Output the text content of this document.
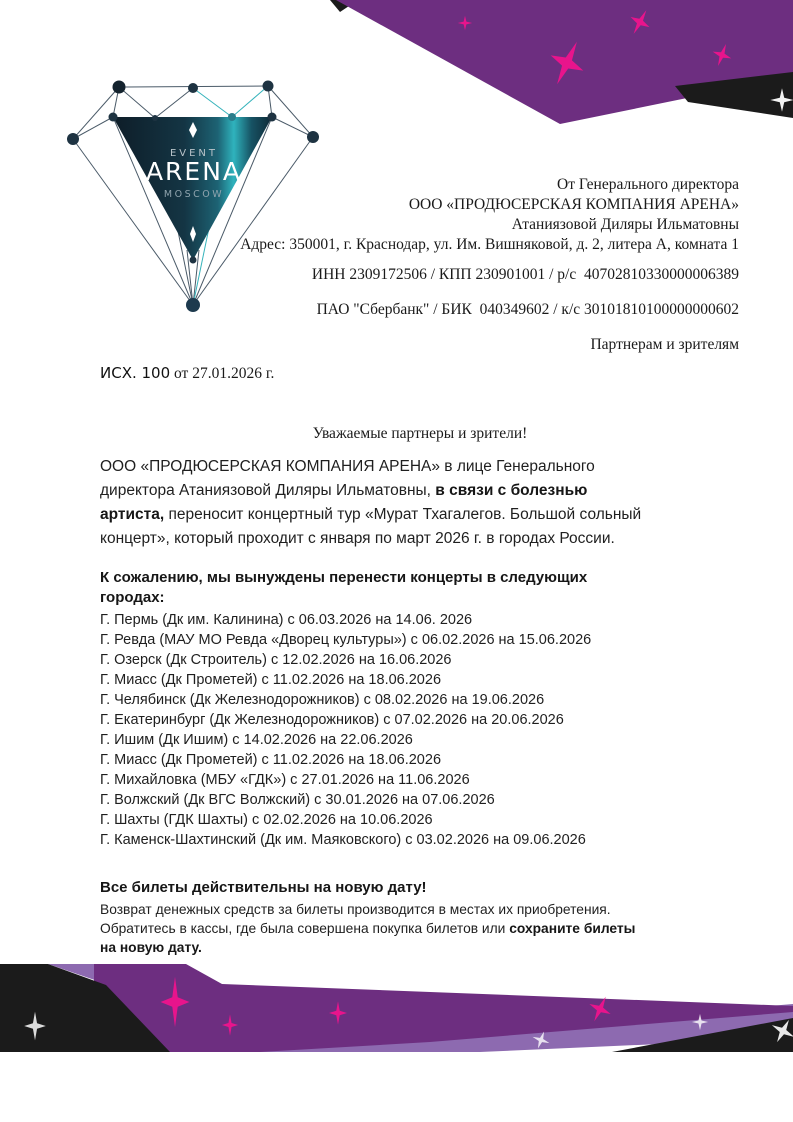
EVENT
ARENA
MOSCOW
От Генерального директора
ООО «ПРОДЮСЕРСКАЯ КОМПАНИЯ АРЕНА»
Атаниязовой Диляры Ильматовны
Адрес: 350001, г. Краснодар, ул. Им. Вишняковой, д. 2, литера А, комната 1
ИНН 2309172506 / КПП 230901001 / р/с  40702810330000006389
ПАО "Сбербанк" / БИК  040349602 / к/с 30101810100000000602
Партнерам и зрителям
ИСХ. 100 от 27.01.2026 г.
Уважаемые партнеры и зрители!
ООО «ПРОДЮСЕРСКАЯ КОМПАНИЯ АРЕНА» в лице Генерального
директора Атаниязовой Диляры Ильматовны, в связи с болезнью
артиста, переносит концертный тур «Мурат Тхагалегов. Большой сольный
концерт», который проходит с января по март 2026 г. в городах России.
К сожалению, мы вынуждены перенести концерты в следующих
городах:
Г. Пермь (Дк им. Калинина) с 06.03.2026 на 14.06. 2026
Г. Ревда (МАУ МО Ревда «Дворец культуры») с 06.02.2026 на 15.06.2026
Г. Озерск (Дк Строитель) с 12.02.2026 на 16.06.2026
Г. Миасс (Дк Прометей) с 11.02.2026 на 18.06.2026
Г. Челябинск (Дк Железнодорожников) с 08.02.2026 на 19.06.2026
Г. Екатеринбург (Дк Железнодорожников) с 07.02.2026 на 20.06.2026
Г. Ишим (Дк Ишим) с 14.02.2026 на 22.06.2026
Г. Миасс (Дк Прометей) с 11.02.2026 на 18.06.2026
Г. Михайловка (МБУ «ГДК») с 27.01.2026 на 11.06.2026
Г. Волжский (Дк ВГС Волжский) с 30.01.2026 на 07.06.2026
Г. Шахты (ГДК Шахты) с 02.02.2026 на 10.06.2026
Г. Каменск-Шахтинский (Дк им. Маяковского) с 03.02.2026 на 09.06.2026
Все билеты действительны на новую дату!
Возврат денежных средств за билеты производится в местах их приобретения.
Обратитесь в кассы, где была совершена покупка билетов или сохраните билеты
на новую дату.
